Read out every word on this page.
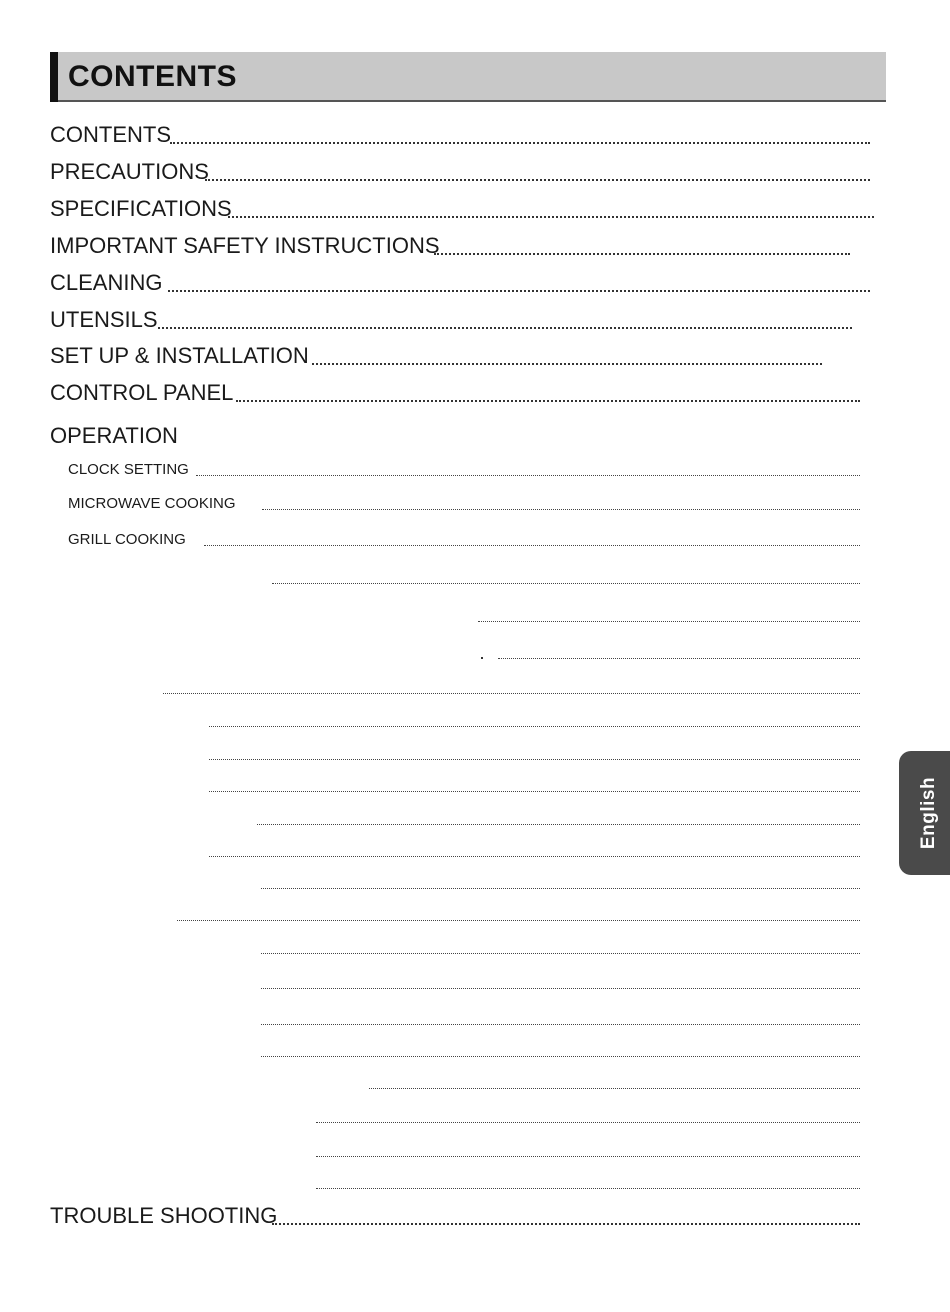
CONTENTS
CONTENTS
PRECAUTIONS
SPECIFICATIONS
IMPORTANT SAFETY INSTRUCTIONS
CLEANING
UTENSILS
SET UP & INSTALLATION
CONTROL PANEL
OPERATION
CLOCK SETTING
MICROWAVE COOKING
GRILL COOKING
TROUBLE SHOOTING
English
